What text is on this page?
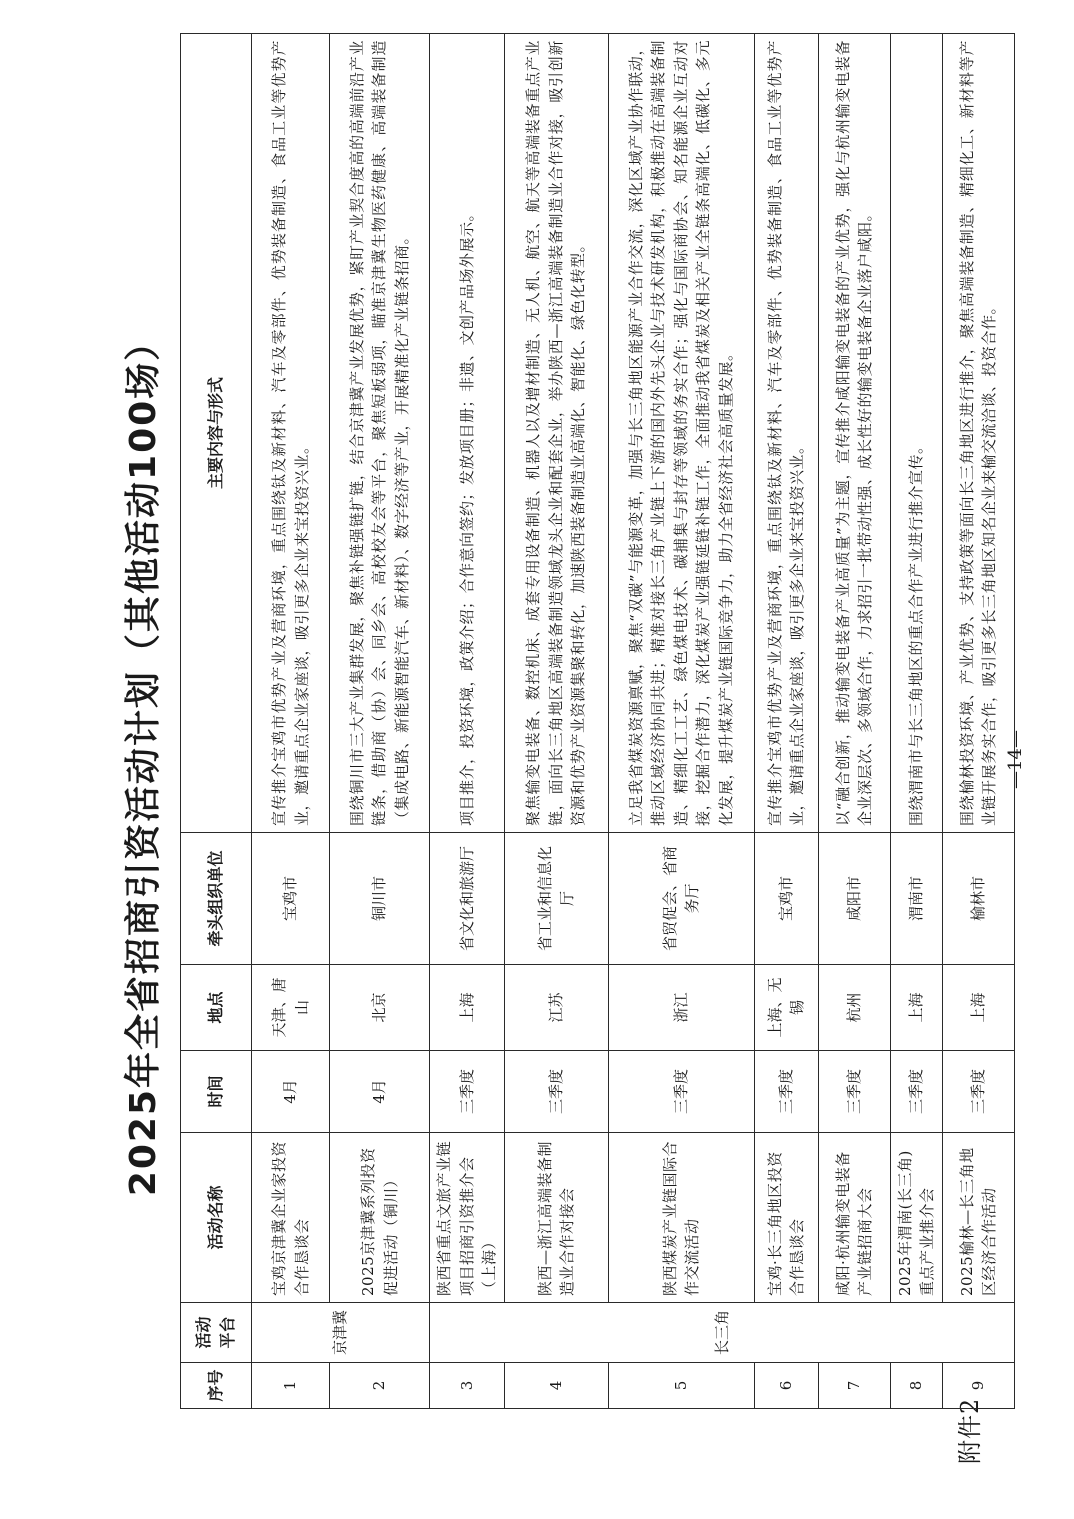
附件2
2025年全省招商引资活动计划（其他活动100场）
序号	活动平台	活动名称	时间	地点	牵头组织单位	主要内容与形式
1	京津冀	宝鸡京津冀企业家投资合作恳谈会	4月	天津、唐山	宝鸡市	宣传推介宝鸡市优势产业及营商环境，重点围绕钛及新材料、汽车及零部件、优势装备制造、食品工业等优势产业，邀请重点企业家座谈，吸引更多企业来宝投资兴业。
2		2025京津冀系列投资促进活动（铜川）	4月	北京	铜川市	围绕铜川市三大产业集群发展，聚焦补链强链扩链，结合京津冀产业发展优势，紧盯产业契合度高的高端前沿产业链条，借助商（协）会、同乡会、高校校友会等平台，聚焦短板弱项，瞄准京津冀生物医药健康、高端装备制造（集成电路、新能源智能汽车、新材料）、数字经济等产业，开展精准化产业链条招商。
3	长三角	陕西省重点文旅产业链项目招商引资推介会（上海）	三季度	上海	省文化和旅游厅	项目推介，投资环境，政策介绍；合作意向签约；发放项目册；非遗、文创产品场外展示。
4		陕西—浙江高端装备制造业合作对接会	三季度	江苏	省工业和信息化厅	聚焦输变电装备、数控机床、成套专用设备制造、机器人以及增材制造、无人机、航空、航天等高端装备重点产业链，面向长三角地区高端装备制造领域龙头企业和配套企业，举办陕西—浙江高端装备制造业合作对接，吸引创新资源和优势产业资源集聚和转化，加速陕西装备制造业高端化、智能化、绿色化转型。
5		陕西煤炭产业链国际合作交流活动	三季度	浙江	省贸促会、省商务厅	立足我省煤炭资源禀赋，聚焦“双碳”与能源变革，加强与长三角地区能源产业合作交流，深化区域产业协作联动，推动区域经济协同共进；精准对接长三角产业链上下游的国内外先头企业与技术研发机构，积极推动在高端装备制造、精细化工工艺、绿色煤电技术、碳捕集与封存等领域的务实合作；强化与国际商协会、知名能源企业互动对接，挖掘合作潜力，深化煤炭产业强链延链补链工作，全面推动我省煤炭及相关产业全链条高端化、低碳化、多元化发展，提升煤炭产业链国际竞争力，助力全省经济社会高质量发展。
6		宝鸡·长三角地区投资合作恳谈会	三季度	上海、无锡	宝鸡市	宣传推介宝鸡市优势产业及营商环境，重点围绕钛及新材料、汽车及零部件、优势装备制造、食品工业等优势产业，邀请重点企业家座谈，吸引更多企业来宝投资兴业。
7		咸阳·杭州输变电装备产业链招商大会	三季度	杭州	咸阳市	以“融合创新，推动输变电装备产业高质量”为主题，宣传推介咸阳输变电装备的产业优势，强化与杭州输变电装备企业深层次、多领域合作，力求招引一批带动性强、成长性好的输变电装备企业落户咸阳。
8		2025年渭南(长三角)重点产业推介会	三季度	上海	渭南市	围绕渭南市与长三角地区的重点合作产业进行推介宣传。
9		2025榆林—长三角地区经济合作活动	三季度	上海	榆林市	围绕榆林投资环境、产业优势、支持政策等面向长三角地区进行推介，聚焦高端装备制造、精细化工、新材料等产业链开展务实合作，吸引更多长三角地区知名企业来榆交流洽谈、投资合作。 —14—
